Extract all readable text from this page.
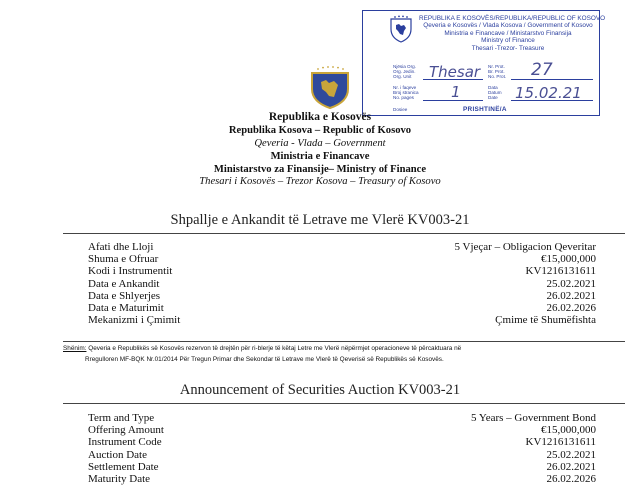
REPUBLIKA E KOSOVËS/REPUBLIKA/REPUBLIC OF KOSOVO
Qeveria e Kosovës / Vlada Kosova / Government of Kosovo
Ministria e Financave / Ministarstvo Finansija
Ministry of Finance
Thesari -Trezor- Treasure
Njësia Org.
Org. Jedin.
Org. Unit
Nr. Prot.
Br. Prot.
No. Prot.
Nr. i faqeve
Broj stranica
No. pages
Data
Datum
Date
Dosiee
Thesar	27
1	15.02.21
PRISHTINË/A
Republika e Kosovës
Republika Kosova – Republic of Kosovo
Qeveria - Vlada – Government
Ministria e Financave
Ministarstvo za Finansije– Ministry of Finance
Thesari i Kosovës – Trezor Kosova – Treasury of Kosovo
Shpallje e Ankandit të Letrave me Vlerë KV003-21
Afati dhe Lloji	5 Vjeçar – Obligacion Qeveritar
Shuma e Ofruar	€15,000,000
Kodi i Instrumentit	KV1216131611
Data e Ankandit	25.02.2021
Data e Shlyerjes	26.02.2021
Data e Maturimit	26.02.2026
Mekanizmi i Çmimit	Çmime të Shumëfishta
Shënim: Qeveria e Republikës së Kosovës rezervon të drejtën për ri-blerje të këtaj Letre me Vlerë nëpërmjet operacioneve të përcaktuara në
Rregulloren MF-BQK Nr.01/2014 Për Tregun Primar dhe Sekondar të Letrave me Vlerë të Qeverisë së Republikës së Kosovës.
Announcement of Securities Auction KV003-21
Term and Type	5 Years – Government Bond
Offering Amount	€15,000,000
Instrument Code	KV1216131611
Auction Date	25.02.2021
Settlement Date	26.02.2021
Maturity Date	26.02.2026
